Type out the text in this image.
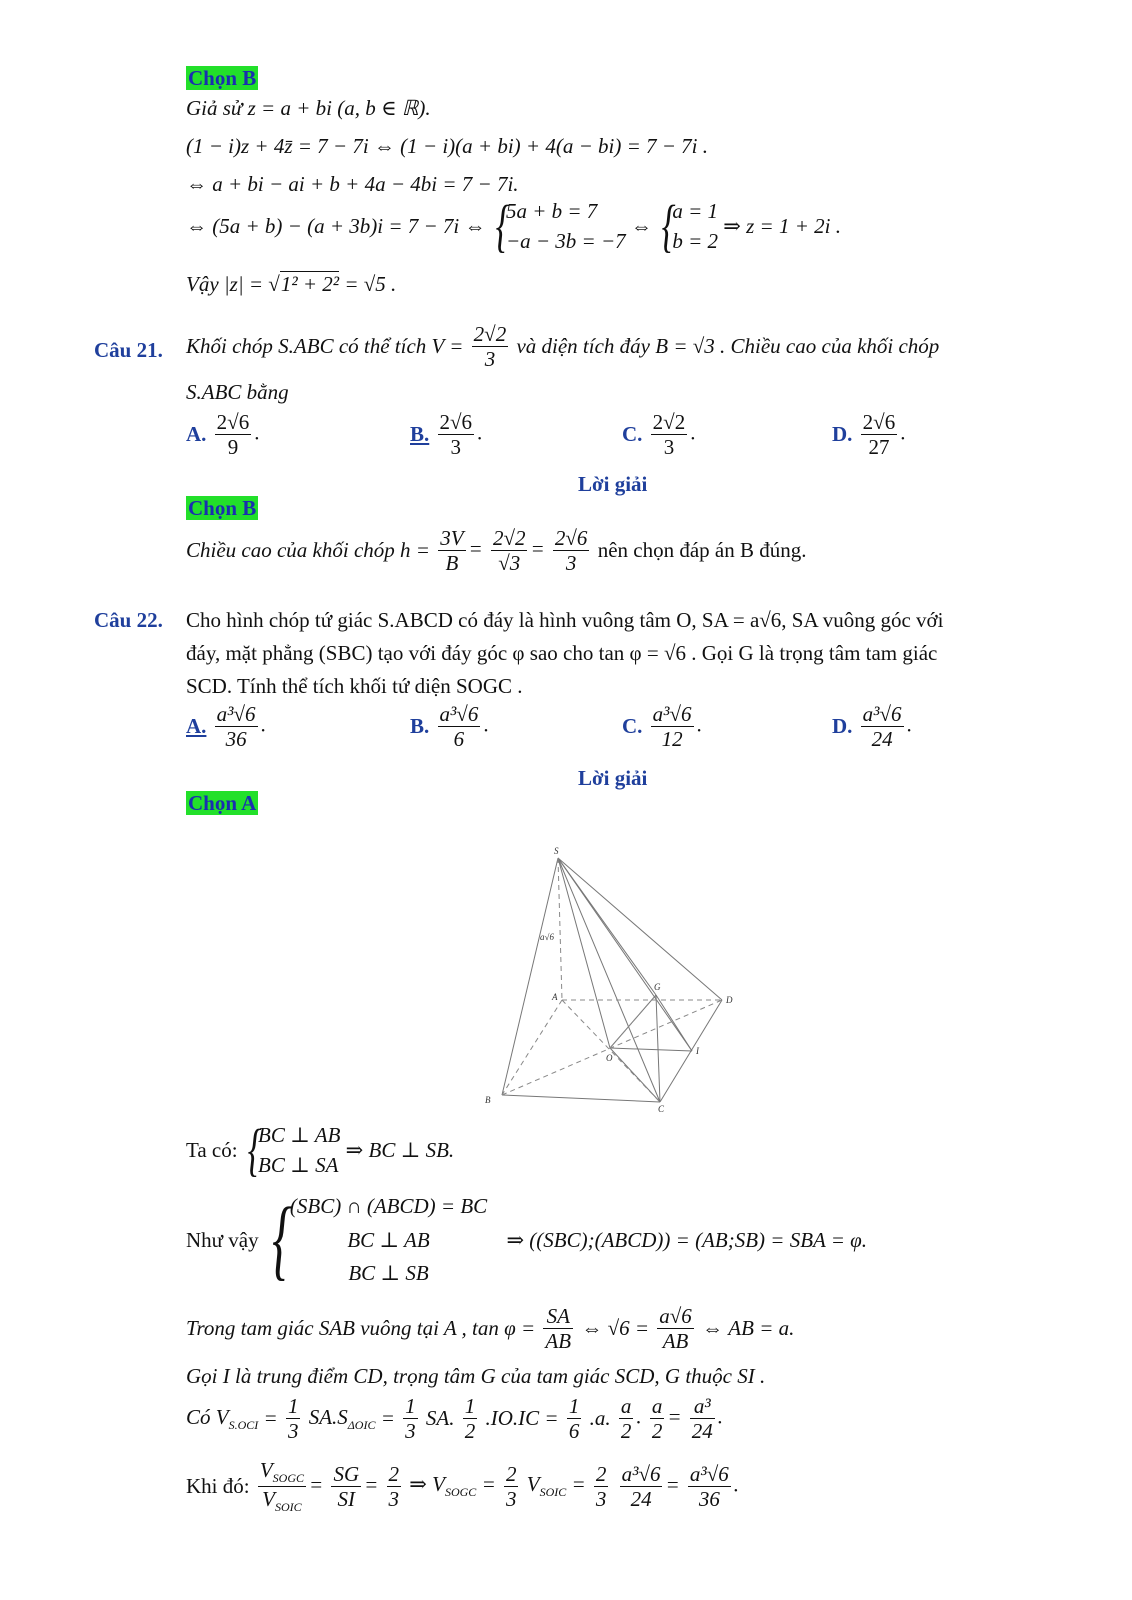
Chọn B
Giả sử z = a + bi (a, b ∈ ℝ).
(1 − i)z + 4z̄ = 7 − 7i ⇔ (1 − i)(a + bi) + 4(a − bi) = 7 − 7i .
⇔ a + bi − ai + b + 4a − 4bi = 7 − 7i.
⇔ (5a + b) − (a + 3b)i = 7 − 7i ⇔ {
5a + b = 7
−a − 3b = −7
⇔ {
a = 1
b = 2
⇒ z = 1 + 2i .
Vậy |z| = √1² + 2² = √5 .
Câu 21. Khối chóp S.ABC có thể tích $V = \frac{2√2}{3}$ và diện tích đáy B = √3 . Chiều cao của khối chóp
S.ABC bằng
A. $\frac{2√6}{9}$ .	B. $\frac{2√6}{3}$ .	C. $\frac{2√2}{3}$ .	D. $\frac{2√6}{27}$ .
Lời giải
Chọn B
Chiều cao của khối chóp $h = \frac{3V}{B} = \frac{2√2}{√3} = \frac{2√6}{3}$ nên chọn đáp án B đúng.
Câu 22. Cho hình chóp tứ giác S.ABCD có đáy là hình vuông tâm O, SA = a√6, SA vuông góc với
đáy, mặt phẳng (SBC) tạo với đáy góc φ sao cho tan φ = √6 . Gọi G là trọng tâm tam giác
SCD. Tính thể tích khối tứ diện SOGC .
A. $\frac{\text{a³√6}}{36}$ .	B. $\frac{\text{a³√6}}{6}$ .	C. $\frac{\text{a³√6}}{12}$ .	D. $\frac{\text{a³√6}}{24}$ .
Lời giải
Chọn A
S
A
B
C
D
O
G
I
a√6
Ta có: {
BC ⊥ AB
BC ⊥ SA
⇒ BC ⊥ SB.
Như vậy {
(SBC) ∩ (ABCD) = BC
BC ⊥ AB
BC ⊥ SB
⇒ ((SBC);(ABCD)) = (AB;SB) = SBA = φ.
Trong tam giác SAB vuông tại A , $\tan \varphi = \frac{SA}{AB}$ ⇔ $√6 = \frac{a√6}{AB}$ ⇔ AB = a.
Gọi I là trung điểm CD, trọng tâm G của tam giác SCD, G thuộc SI .
Có $V_{S.OCI} = \frac{1}{3} SA.S_{\Delta OIC} = \frac{1}{3}$ SA. $\frac{1}{2} .IO.IC = \frac{1}{6} .a$. $\frac{a}{2}$ . $\frac{a}{2} = \frac{\text{a³}}{24}$ .
Khi đó: $\frac{V_{SOGC}}{V_{SOIC}} = \frac{SG}{SI} = \frac{2}{3}$ ⇒ $V_{SOGC} = \frac{2}{3} V_{SOIC} = \frac{2}{3}$
$\frac{\text{a³√6}}{24} = \frac{\text{a³√6}}{36}$ .
